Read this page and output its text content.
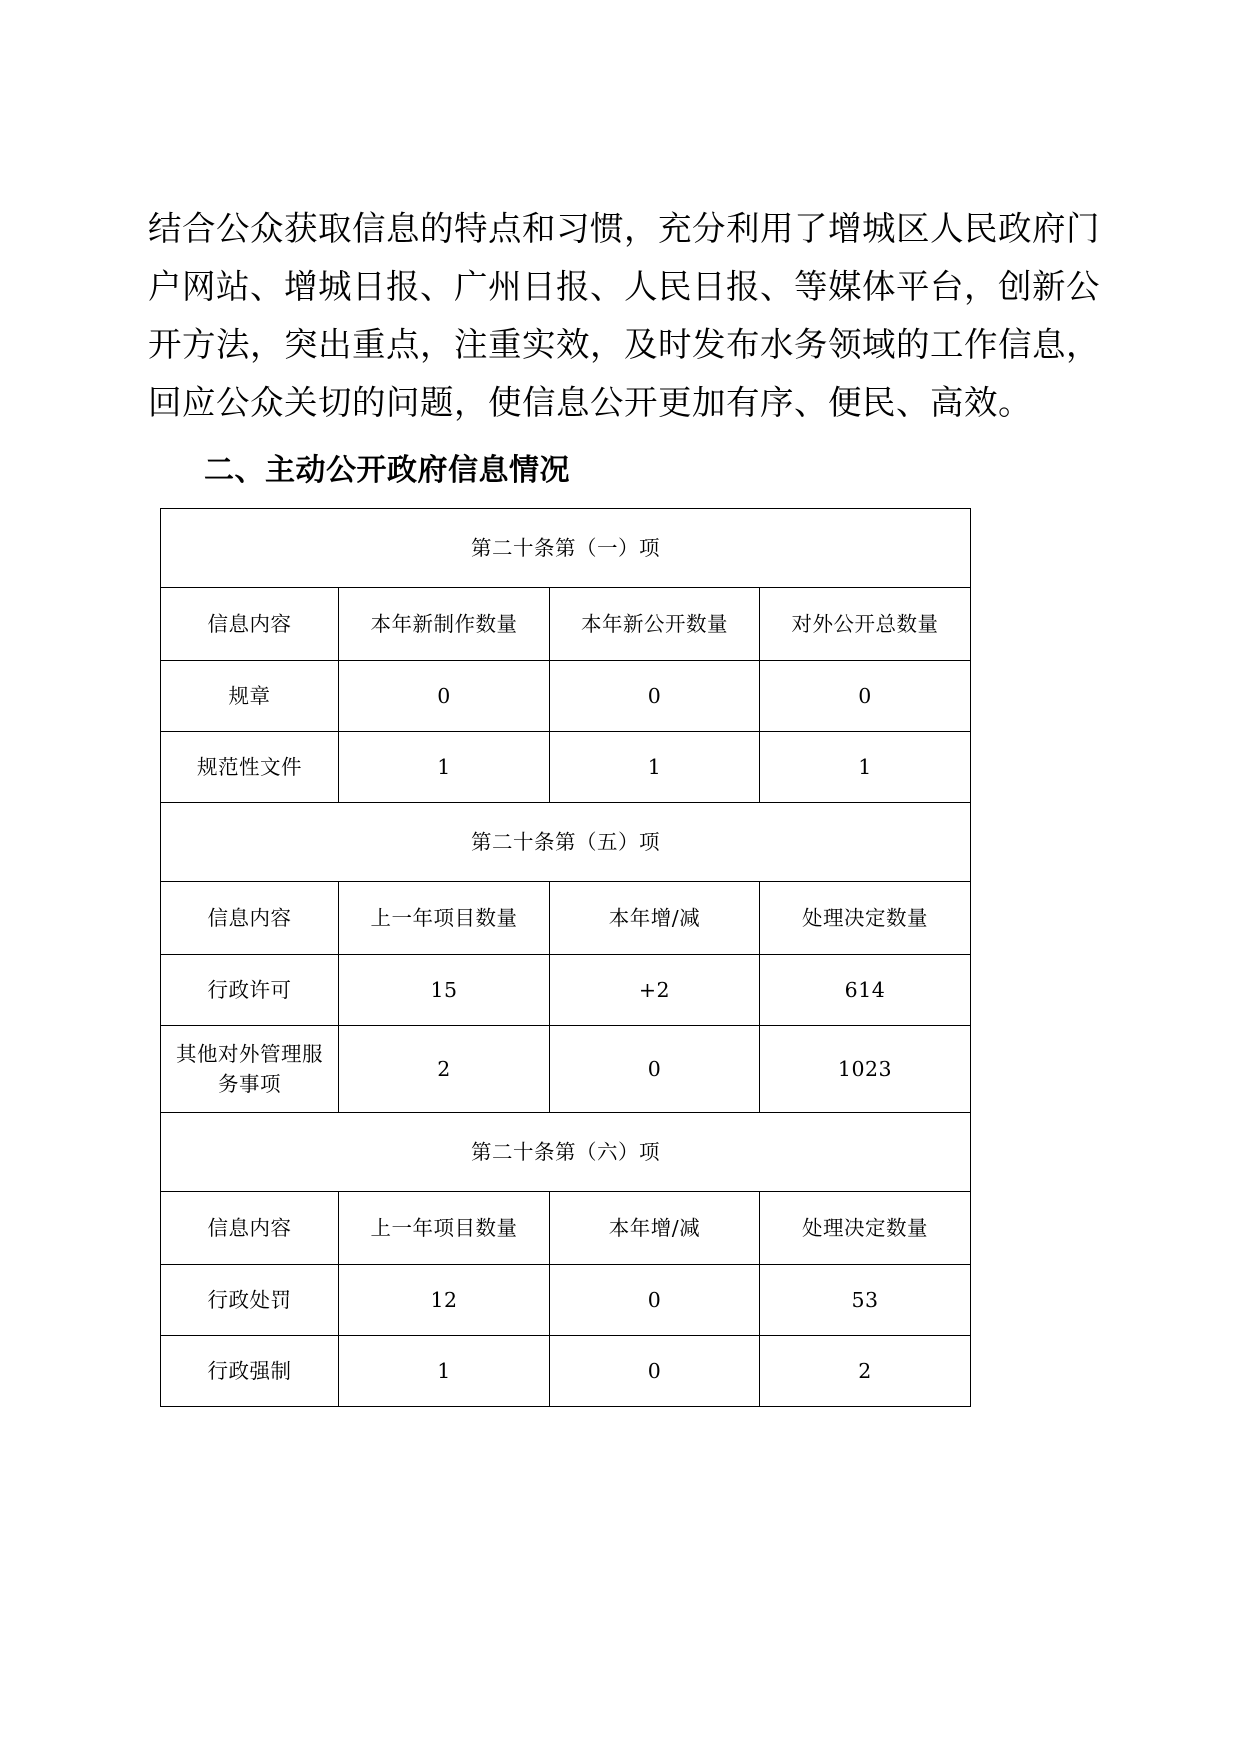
结合公众获取信息的特点和习惯，充分利用了增城区人民政府门
户网站、增城日报、广州日报、人民日报、等媒体平台，创新公
开方法，突出重点，注重实效，及时发布水务领域的工作信息，
回应公众关切的问题，使信息公开更加有序、便民、高效。

二、主动公开政府信息情况
第二十条第（一）项			
信息内容	本年新制作数量	本年新公开数量	对外公开总数量
规章	0	0	0
规范性文件	1	1	1
第二十条第（五）项			
信息内容	上一年项目数量	本年增/减	处理决定数量
行政许可	15	+2	614
其他对外管理服
务事项	2	0	1023
第二十条第（六）项			
信息内容	上一年项目数量	本年增/减	处理决定数量
行政处罚	12	0	53
行政强制	1	0	2
